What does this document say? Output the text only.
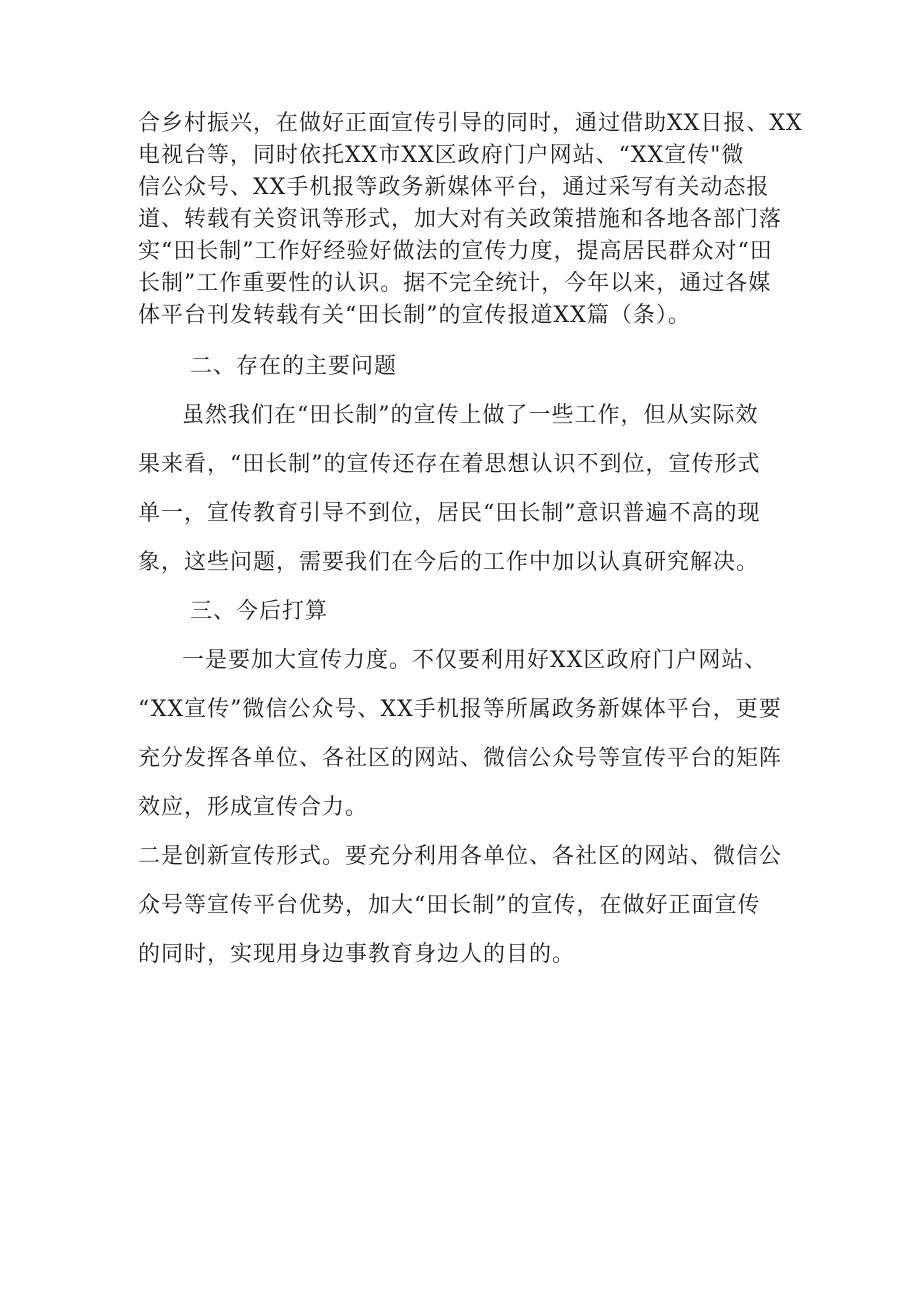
合乡村振兴，在做好正面宣传引导的同时，通过借助XX日报、XX
电视台等，同时依托XX市XX区政府门户网站、“XX宣传"微
信公众号、XX手机报等政务新媒体平台，通过采写有关动态报
道、转载有关资讯等形式，加大对有关政策措施和各地各部门落
实“田长制”工作好经验好做法的宣传力度，提高居民群众对“田
长制”工作重要性的认识。据不完全统计，今年以来，通过各媒
体平台刊发转载有关“田长制”的宣传报道XX篇（条）。
二、存在的主要问题
虽然我们在“田长制”的宣传上做了一些工作，但从实际效
果来看，“田长制”的宣传还存在着思想认识不到位，宣传形式
单一，宣传教育引导不到位，居民“田长制”意识普遍不高的现
象，这些问题，需要我们在今后的工作中加以认真研究解决。
三、今后打算
一是要加大宣传力度。不仅要利用好XX区政府门户网站、
“XX宣传”微信公众号、XX手机报等所属政务新媒体平台，更要
充分发挥各单位、各社区的网站、微信公众号等宣传平台的矩阵
效应，形成宣传合力。
二是创新宣传形式。要充分利用各单位、各社区的网站、微信公
众号等宣传平台优势，加大“田长制”的宣传，在做好正面宣传
的同时，实现用身边事教育身边人的目的。
